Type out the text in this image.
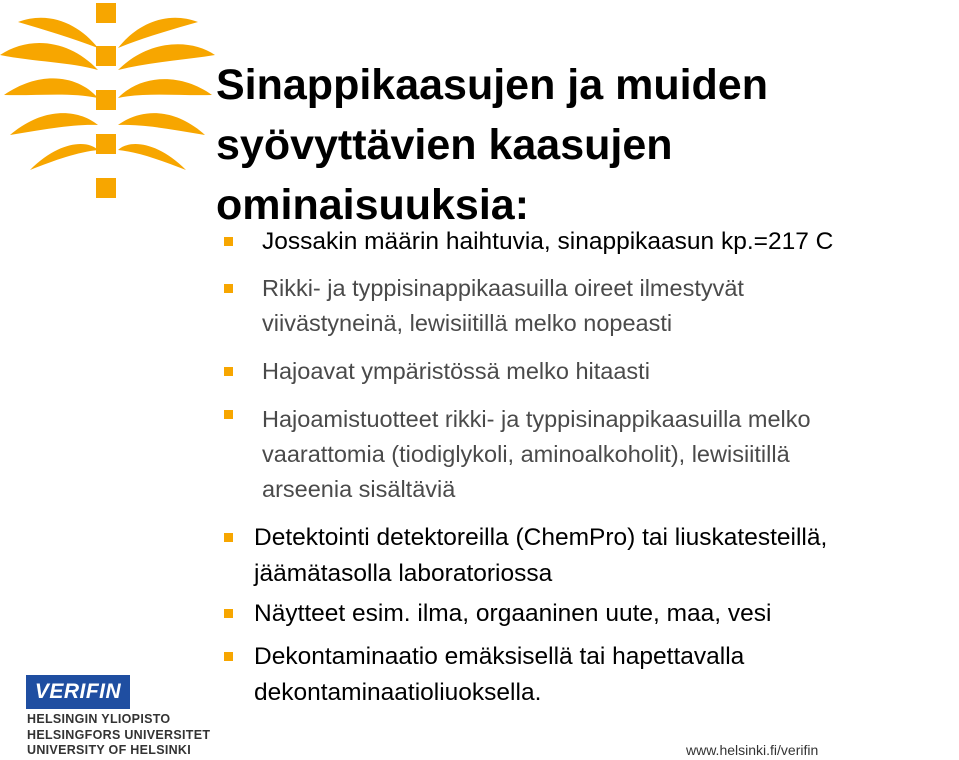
Sinappikaasujen ja muiden
syövyttävien kaasujen
ominaisuuksia:
Jossakin määrin haihtuvia, sinappikaasun kp.=217 C
Rikki- ja typpisinappikaasuilla oireet ilmestyvät
viivästyneinä, lewisiitillä melko nopeasti
Hajoavat ympäristössä melko hitaasti
Hajoamistuotteet rikki- ja typpisinappikaasuilla melko
vaarattomia (tiodiglykoli, aminoalkoholit), lewisiitillä
arseenia sisältäviä
Detektointi detektoreilla (ChemPro) tai liuskatesteillä,
jäämätasolla laboratoriossa
Näytteet esim. ilma, orgaaninen uute, maa, vesi
Dekontaminaatio emäksisellä tai hapettavalla
dekontaminaatioliuoksella.
VERIFIN
HELSINGIN YLIOPISTO
HELSINGFORS UNIVERSITET
UNIVERSITY OF HELSINKI	www.helsinki.fi/verifin
